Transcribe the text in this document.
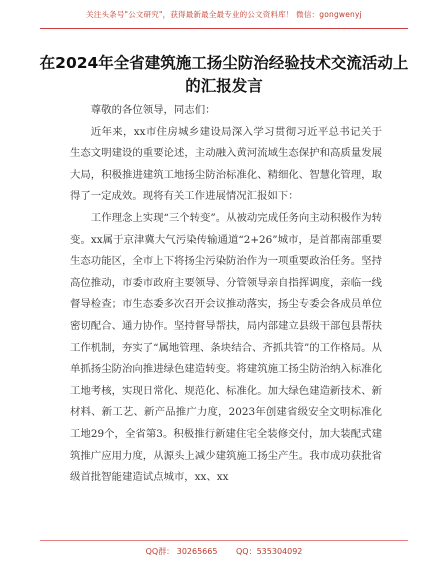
关注头条号"公文研究"，获得最新最全最专业的公文资料库！ 微信：gongwenyj
在2024年全省建筑施工扬尘防治经验技术交流活动上的汇报发言

尊敬的各位领导，同志们：

近年来，xx市住房城乡建设局深入学习贯彻习近平总书记关于生态文明建设的重要论述，主动融入黄河流域生态保护和高质量发展大局，积极推进建筑工地扬尘防治标准化、精细化、智慧化管理，取得了一定成效。现将有关工作进展情况汇报如下：

工作理念上实现“三个转变”。从被动完成任务向主动积极作为转变。xx属于京津冀大气污染传输通道“2+26”城市，是首都南部重要生态功能区，全市上下将扬尘污染防治作为一项重要政治任务。坚持高位推动，市委市政府主要领导、分管领导亲自指挥调度，亲临一线督导检查；市生态委多次召开会议推动落实，扬尘专委会各成员单位密切配合、通力协作。坚持督导帮扶，局内部建立县级干部包县帮扶工作机制，夯实了“属地管理、条块结合、齐抓共管”的工作格局。从单抓扬尘防治向推进绿色建造转变。将建筑施工扬尘防治纳入标准化工地考核，实现日常化、规范化、标准化。加大绿色建造新技术、新材料、新工艺、新产品推广力度，2023年创建省级安全文明标准化工地29个，全省第3。积极推行新建住宅全装修交付，加大装配式建筑推广应用力度，从源头上减少建筑施工扬尘产生。我市成功获批省级首批智能建造试点城市，xx、xx

QQ群： 30265665 QQ：535304092
